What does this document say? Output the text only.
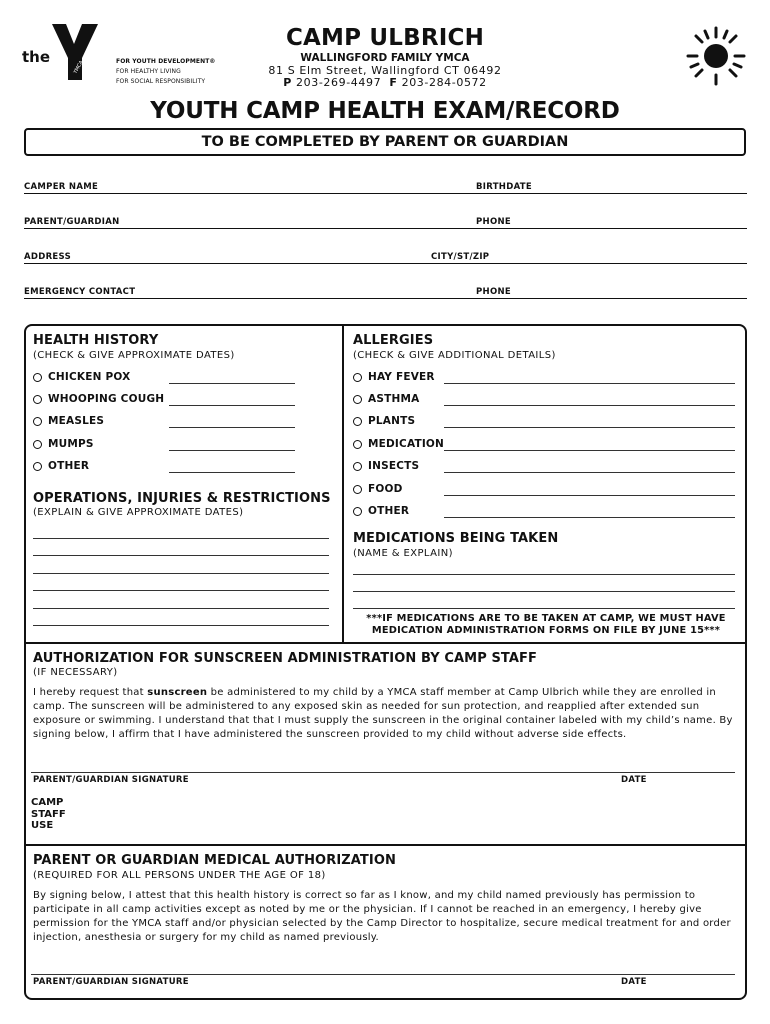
the
YMCA	FOR YOUTH DEVELOPMENT®
FOR HEALTHY LIVING
FOR SOCIAL RESPONSIBILITY
CAMP ULBRICH
WALLINGFORD FAMILY YMCA
81 S Elm Street, Wallingford CT 06492
P 203-269-4497 F 203-284-0572
YOUTH CAMP HEALTH EXAM/RECORD
TO BE COMPLETED BY PARENT OR GUARDIAN
CAMPER NAME	BIRTHDATE
PARENT/GUARDIAN	PHONE
ADDRESS	CITY/ST/ZIP
EMERGENCY CONTACT	PHONE
HEALTH HISTORY
(CHECK & GIVE APPROXIMATE DATES)
CHICKEN POX
WHOOPING COUGH
MEASLES
MUMPS
OTHER
OPERATIONS, INJURIES & RESTRICTIONS
(EXPLAIN & GIVE APPROXIMATE DATES)
ALLERGIES
(CHECK & GIVE ADDITIONAL DETAILS)
HAY FEVER
ASTHMA
PLANTS
MEDICATION
INSECTS
FOOD
OTHER
MEDICATIONS BEING TAKEN
(NAME & EXPLAIN)
***IF MEDICATIONS ARE TO BE TAKEN AT CAMP, WE MUST HAVE
MEDICATION ADMINISTRATION FORMS ON FILE BY JUNE 15***
AUTHORIZATION FOR SUNSCREEN ADMINISTRATION BY CAMP STAFF
(IF NECESSARY)
I hereby request that sunscreen be administered to my child by a YMCA staff member at Camp Ulbrich while they are enrolled in camp. The sunscreen will be administered to any exposed skin as needed for sun protection, and reapplied after extended sun exposure or swimming. I understand that that I must supply the sunscreen in the original container labeled with my child’s name. By signing below, I affirm that I have administered the sunscreen provided to my child without adverse side effects.
PARENT/GUARDIAN SIGNATURE	DATE
CAMP
STAFF
USE
PARENT OR GUARDIAN MEDICAL AUTHORIZATION
(REQUIRED FOR ALL PERSONS UNDER THE AGE OF 18)
By signing below, I attest that this health history is correct so far as I know, and my child named previously has permission to participate in all camp activities except as noted by me or the physician. If I cannot be reached in an emergency, I hereby give permission for the YMCA staff and/or physician selected by the Camp Director to hospitalize, secure medical treatment for and order injection, anesthesia or surgery for my child as named previously.
PARENT/GUARDIAN SIGNATURE	DATE
